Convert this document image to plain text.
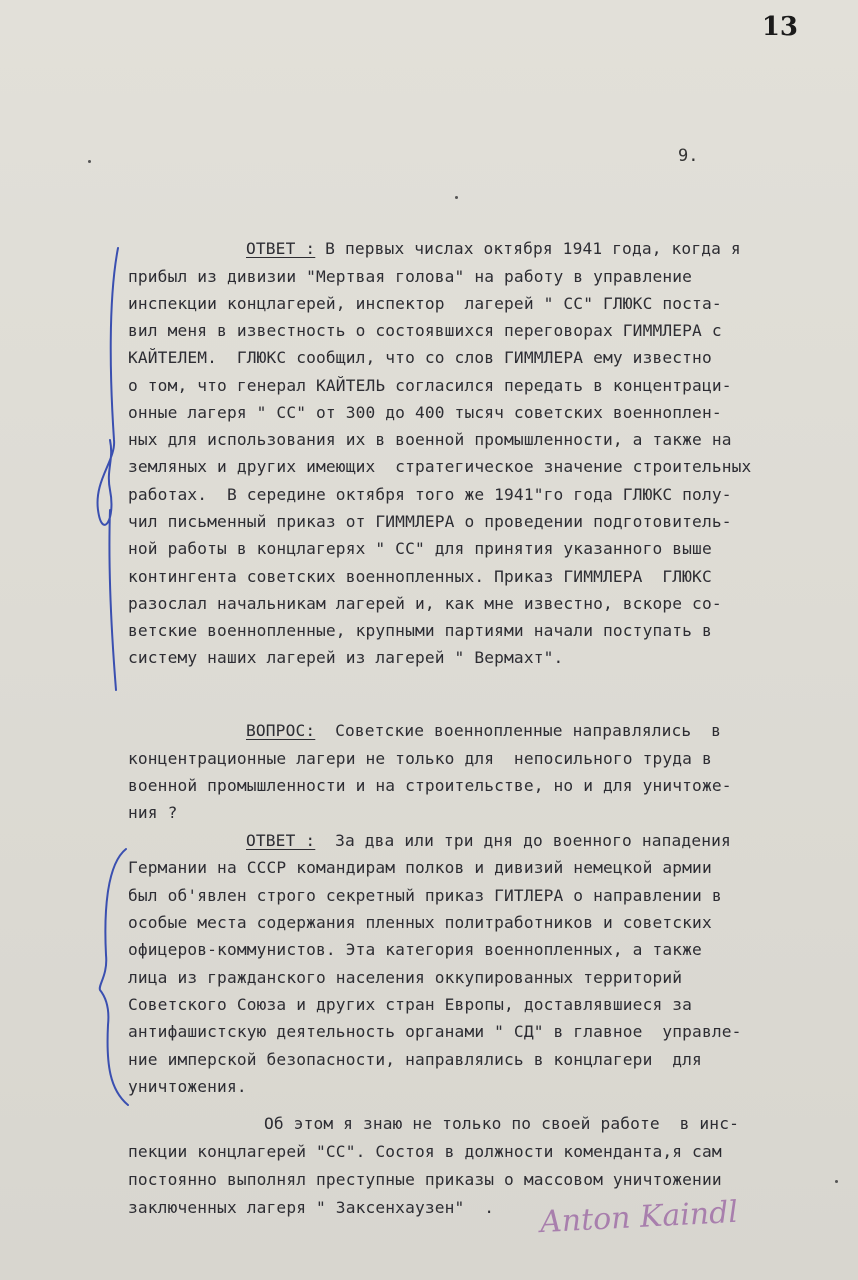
13
9.
ОТВЕТ : В первых числах октября 1941 года, когда я
прибыл из дивизии "Мертвая голова" на работу в управление
инспекции концлагерей, инспектор  лагерей " СС" ГЛЮКС поста-
вил меня в известность о состоявшихся переговорах ГИММЛЕРА с
КАЙТЕЛЕМ.  ГЛЮКС сообщил, что со слов ГИММЛЕРА ему известно
о том, что генерал КАЙТЕЛЬ согласился передать в концентраци-
онные лагеря " СС" от 300 до 400 тысяч советских военноплен-
ных для использования их в военной промышленности, а также на
земляных и других имеющих  стратегическое значение строительных
работах.  В середине октября того же 1941"го года ГЛЮКС полу-
чил письменный приказ от ГИММЛЕРА о проведении подготовитель-
ной работы в концлагерях " СС" для принятия указанного выше
контингента советских военнопленных. Приказ ГИММЛЕРА  ГЛЮКС
разослал начальникам лагерей и, как мне известно, вскоре со-
ветские военнопленные, крупными партиями начали поступать в
систему наших лагерей из лагерей " Вермахт".
ВОПРОС:  Советские военнопленные направлялись  в
концентрационные лагери не только для  непосильного труда в
военной промышленности и на строительстве, но и для уничтоже-
ния ?
ОТВЕТ :  За два или три дня до военного нападения
Германии на СССР командирам полков и дивизий немецкой армии
был об'явлен строго секретный приказ ГИТЛЕРА о направлении в
особые места содержания пленных политработников и советских
офицеров-коммунистов. Эта категория военнопленных, а также
лица из гражданского населения оккупированных территорий
Советского Союза и других стран Европы, доставлявшиеся за
антифашистскую деятельность органами " СД" в главное  управле-
ние имперской безопасности, направлялись в концлагери  для
уничтожения.
Об этом я знаю не только по своей работе  в инс-
пекции концлагерей "СС". Состоя в должности коменданта,я сам
постоянно выполнял преступные приказы о массовом уничтожении
заключенных лагеря " Заксенхаузен"  . Anton Kaindl
